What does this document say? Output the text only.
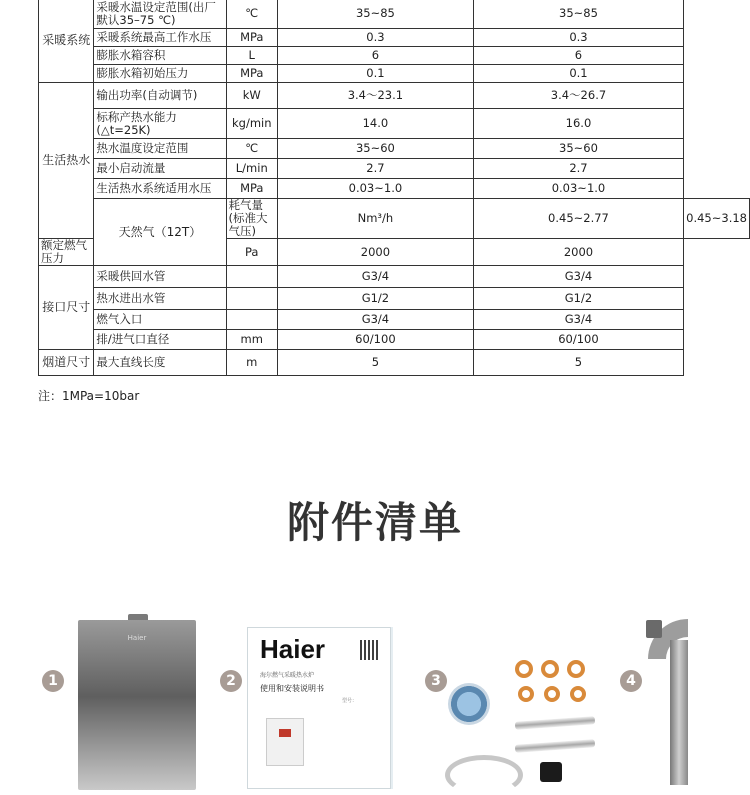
采暖系统	采暖水温设定范围(出厂默认35–75 ℃)	℃	35~85	35~85	
	采暖系统最高工作水压	MPa	0.3	0.3	
	膨胀水箱容积	L	6	6	
	膨胀水箱初始压力	MPa	0.1	0.1	
生活热水	输出功率(自动调节)	kW	3.4～23.1	3.4～26.7	
	标称产热水能力(△t=25K)	kg/min	14.0	16.0	
	热水温度设定范围	℃	35~60	35~60	
	最小启动流量	L/min	2.7	2.7	
	生活热水系统适用水压	MPa	0.03~1.0	0.03~1.0	
	天然气（12T）	耗气量(标准大气压)	Nm³/h	0.45~2.77	0.45~3.18
额定燃气压力		Pa	2000	2000	
接口尺寸	采暖供回水管		G3/4	G3/4	
	热水进出水管		G1/2	G1/2	
	燃气入口		G3/4	G3/4	
	排/进气口直径	mm	60/100	60/100	
烟道尺寸	最大直线长度	m	5	5	
注：1MPa=10bar
附件清单
1
Haier
2
Haier
海尔燃气采暖热水炉
使用和安装说明书
型号：
3	4
